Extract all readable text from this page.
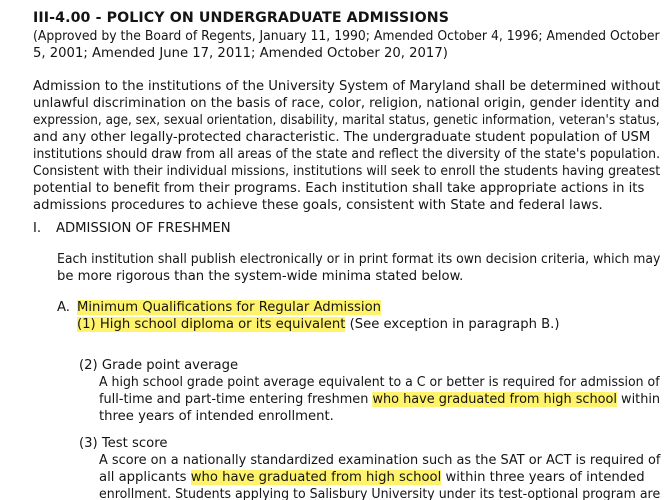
III-4.00 - POLICY ON UNDERGRADUATE ADMISSIONS
(Approved by the Board of Regents, January 11, 1990; Amended October 4, 1996; Amended October
5, 2001; Amended June 17, 2011; Amended October 20, 2017)
Admission to the institutions of the University System of Maryland shall be determined without
unlawful discrimination on the basis of race, color, religion, national origin, gender identity and
expression, age, sex, sexual orientation, disability, marital status, genetic information, veteran's status,
and any other legally-protected characteristic. The undergraduate student population of USM
institutions should draw from all areas of the state and reflect the diversity of the state's population.
Consistent with their individual missions, institutions will seek to enroll the students having greatest
potential to benefit from their programs. Each institution shall take appropriate actions in its
admissions procedures to achieve these goals, consistent with State and federal laws.
I. ADMISSION OF FRESHMEN
Each institution shall publish electronically or in print format its own decision criteria, which may
be more rigorous than the system-wide minima stated below.
A. Minimum Qualifications for Regular Admission
(1) High school diploma or its equivalent (See exception in paragraph B.)
(2) Grade point average
A high school grade point average equivalent to a C or better is required for admission of
full-time and part-time entering freshmen who have graduated from high school within
three years of intended enrollment.
(3) Test score
A score on a nationally standardized examination such as the SAT or ACT is required of
all applicants who have graduated from high school within three years of intended
enrollment. Students applying to Salisbury University under its test-optional program are
